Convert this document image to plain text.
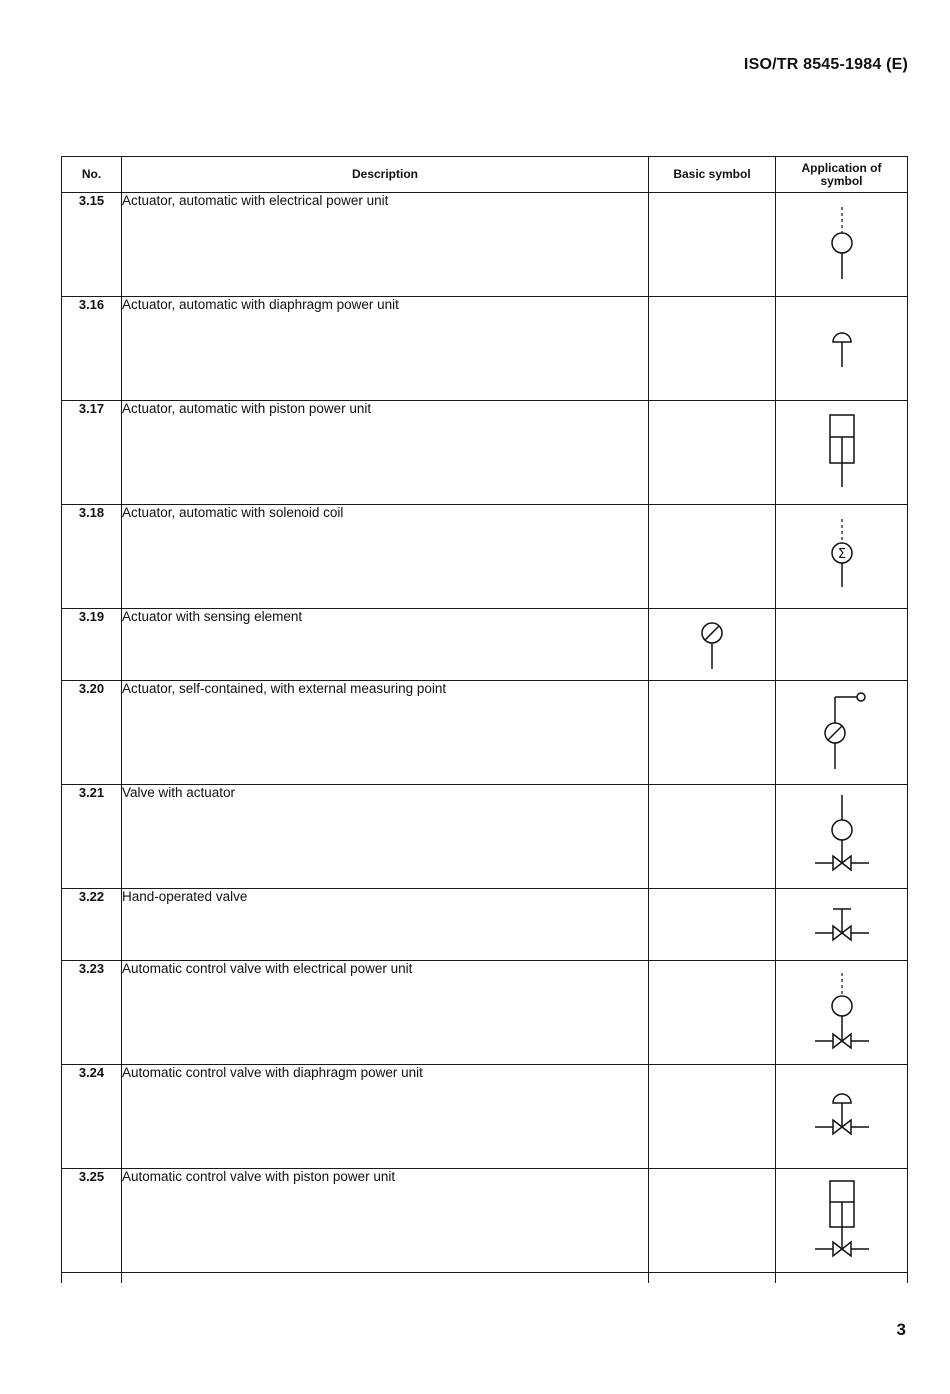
ISO/TR 8545-1984 (E)
No.	Description	Basic symbol	Application of symbol
3.15	Actuator, automatic with electrical power unit		

3.16	Actuator, automatic with diaphragm power unit		

3.17	Actuator, automatic with piston power unit		

3.18	Actuator, automatic with solenoid coil		Σ

3.19	Actuator with sensing element	

3.20	Actuator, self-contained, with external measuring point		

3.21	Valve with actuator		

3.22	Hand-operated valve		

3.23	Automatic control valve with electrical power unit		

3.24	Automatic control valve with diaphragm power unit		

3.25	Automatic control valve with piston power unit		

3
